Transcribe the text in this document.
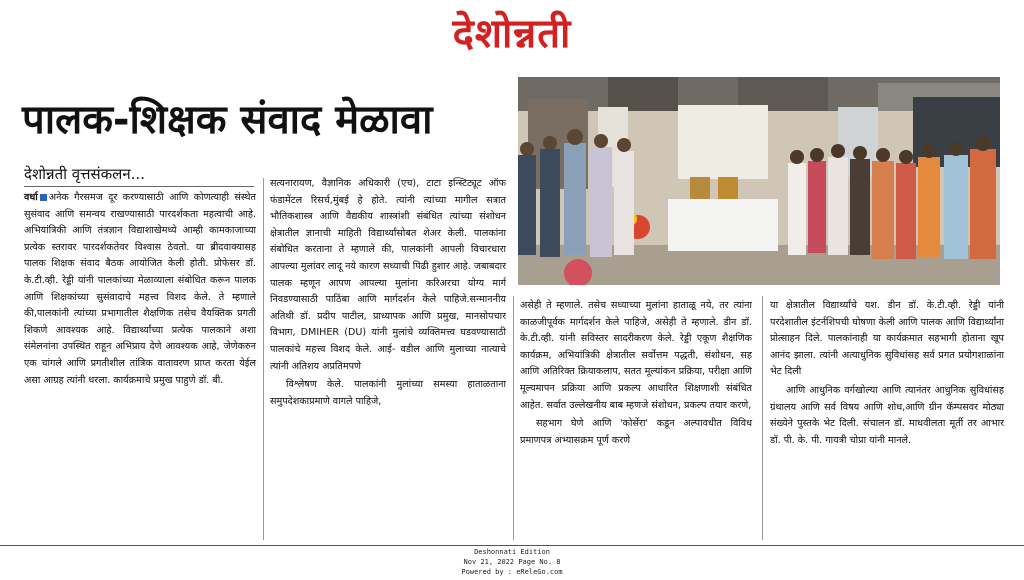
देशोन्नती
पालक-शिक्षक संवाद मेळावा
देशोन्नती वृत्तसंकलन...

वर्धा अनेक गैरसमज दूर करण्यासाठी आणि कोणत्याही संस्थेत सुसंवाद आणि समन्वय राखण्यासाठी पारदर्शकता महत्वाची आहे. अभियांत्रिकी आणि तंत्रज्ञान विद्याशाखेमध्ये आम्ही कामकाजाच्या प्रत्येक स्तरावर पारदर्शकतेवर विश्वास ठेवतो. या ब्रीदवाक्यासह पालक शिक्षक संवाद बैठक आयोजित केली होती. प्रोफेसर डॉ. के.टी.व्ही. रेड्डी यांनी पालकांच्या मेळाव्याला संबोधित करून पालक आणि शिक्षकांच्या सुसंवादाचे महत्त्व विशद केले. ते म्हणाले की,पालकांनी त्यांच्या प्रभागातील शैक्षणिक तसेच वैयक्तिक प्रगती शिकणे आवश्यक आहे. विद्यार्थ्यांच्या प्रत्येक पालकाने अशा संमेलनांना उपस्थित राहून अभिप्राय देणे आवश्यक आहे, जेणेकरुन एक चांगले आणि प्रगतीशील तांत्रिक वातावरण प्राप्त करता येईल असा आग्रह त्यांनी धरला. कार्यक्रमाचे प्रमुख पाहुणे डॉ. बी.

सत्यनारायण, वैज्ञानिक अधिकारी (एच), टाटा इन्स्टिट्यूट ऑफ फंडामेंटल रिसर्च,मुंबई हे होते. त्यांनी त्यांच्या मागील सत्रात भौतिकशास्त्र आणि वैद्यकीय शास्त्रांशी संबंधित त्यांच्या संशोधन क्षेत्रातील ज्ञानाची माहिती विद्यार्थ्यांसोबत शेअर केली. पालकांना संबोधित करताना ते म्हणाले की, पालकांनी आपली विचारधारा आपल्या मुलांवर लादू नये कारण सध्याची पिढी हुशार आहे. जबाबदार पालक म्हणून आपण आपल्या मुलांना करिअरचा योग्य मार्ग निवडण्यासाठी पाठिंबा आणि मार्गदर्शन केले पाहिजे.सन्माननीय अतिथी डॉ. प्रदीप पाटील, प्राध्यापक आणि प्रमुख, मानसोपचार विभाग, DMIHER (DU) यांनी मुलांचे व्यक्तिमत्त्व घडवण्यासाठी पालकांचे महत्त्व विशद केले. आई- वडील आणि मुलाच्या नात्याचे त्यांनी अतिशय अप्रतिमपणे

विश्लेषण केले. पालकांनी मुलांच्या समस्या हाताळताना समुपदेशकाप्रमाणे वागले पाहिजे,

असेही ते म्हणाले. तसेच सध्याच्या मुलांना हाताळू नये, तर त्यांना काळजीपूर्वक मार्गदर्शन केले पाहिजे, असेही ते म्हणाले. डीन डॉ. के.टी.व्ही. यांनी सविस्तर सादरीकरण केले. रेड्डी एकूण शैक्षणिक कार्यक्रम, अभियांत्रिकी क्षेत्रातील सर्वोत्तम पद्धती, संशोधन, सह आणि अतिरिक्त क्रियाकलाप, सतत मूल्यांकन प्रक्रिया, परीक्षा आणि मूल्यमापन प्रक्रिया आणि प्रकल्प आधारित शिक्षणाशी संबंधित आहेत. सर्वात उल्लेखनीय बाब म्हणजे संशोधन, प्रकल्प तयार करणे,

सहभाग घेणे आणि 'कोर्सेरा' कडून अल्पावधीत विविध प्रमाणपत्र अभ्यासक्रम पूर्ण करणे

या क्षेत्रातील विद्यार्थ्यांचे यश. डीन डॉ. के.टी.व्ही. रेड्डी यांनी परदेशातील इंटर्नशिपची घोषणा केली आणि पालक आणि विद्यार्थ्यांना प्रोत्साहन दिले. पालकांनाही या कार्यक्रमात सहभागी होताना खूप आनंद झाला. त्यांनी अत्याधुनिक सुविधांसह सर्व प्रगत प्रयोगशाळांना भेट दिली

आणि आधुनिक वर्गखोल्या आणि त्यानंतर आधुनिक सुविधांसह ग्रंथालय आणि सर्व विषय आणि शोध,आणि ग्रीन कॅम्पसवर मोठ्या संख्येने पुस्तके भेट दिली. संचालन डॉ. माधवीलता मूर्ती तर आभार डॉ. पी. के. पी. गायत्री चोप्रा यांनी मानले.

Deshonnati Edition
Nov 21, 2022 Page No. 8
Powered by : eReleGo.com
